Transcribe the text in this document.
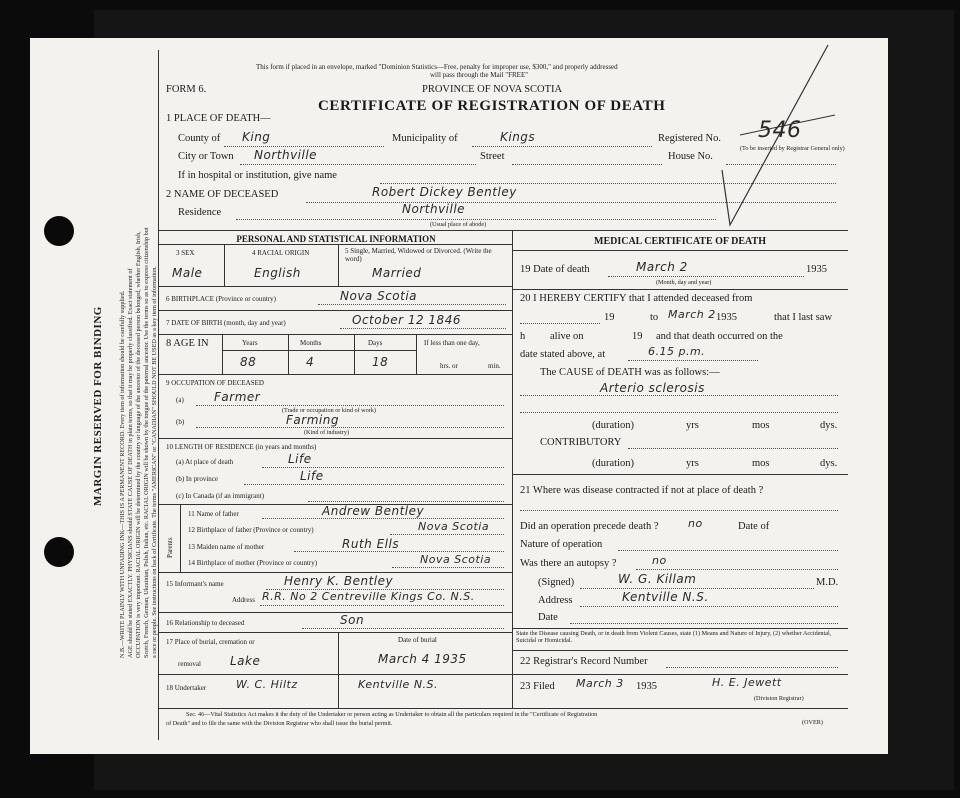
MARGIN RESERVED FOR BINDING N.B.—WRITE PLAINLY WITH UNFADING INK—THIS IS A PERMANENT RECORD. Every item of information should be carefully supplied. AGE should be stated EXACTLY. PHYSICIANS should STATE CAUSE OF DEATH in plain terms, so that it may be properly classified. Exact statement of OCCUPATION is very important. RACIAL ORIGIN will be determined by the country or language of the ancestor of the deceased person belonged, whether English, Irish, Scotch, French, German, Ukrainian, Polish, Italian, etc. RACIAL ORIGIN will be shown by the tongue of the paternal ancestor. Use the terms so as to express citizenship but a race or people. See instructions on back of Certificate. The terms "AMERICAN" or "CANADIAN" SHOULD NOT BE USED as a key item of information.
This form if placed in an envelope, marked "Dominion Statistics—Free, penalty for improper use, $300," and properly addressed
will pass through the Mail "FREE"
FORM 6.	PROVINCE OF NOVA SCOTIA
CERTIFICATE OF REGISTRATION OF DEATH
546
1 PLACE OF DEATH—
County of King	Municipality of	Kings	Registered No.
(To be inserted by Registrar General only)
City or Town Northville	Street	House No.
If in hospital or institution, give name
2 NAME OF DECEASED	Robert Dickey Bentley
Residence	Northville
(Usual place of abode)
PERSONAL AND STATISTICAL INFORMATION
3 SEX	4 RACIAL ORIGIN	5 Single, Married, Widowed or Divorced. (Write the word)
Male	English	Married
6 BIRTHPLACE (Province or country)	Nova Scotia
7 DATE OF BIRTH (month, day and year)	October 12 1846
8 AGE IN	Years	Months	Days
88	4	18
If less than one day,
hrs. or	min.
9 OCCUPATION OF DECEASED
(a)	Farmer
(Trade or occupation or kind of work)
(b)	Farming
(Kind of industry)
10 LENGTH OF RESIDENCE (in years and months)
(a) At place of death	Life
(b) In province	Life
(c) In Canada (if an immigrant)
Parents
11 Name of father	Andrew Bentley
12 Birthplace of father (Province or country)	Nova Scotia
13 Maiden name of mother	Ruth Ells
14 Birthplace of mother (Province or country)	Nova Scotia
15 Informant's name	Henry K. Bentley
Address R.R. No 2 Centreville Kings Co. N.S.
16 Relationship to deceased	Son
17 Place of burial, cremation or
removal Lake
Date of burial
March 4 1935
18 Undertaker	W. C. Hiltz	Kentville N.S.
MEDICAL CERTIFICATE OF DEATH
19 Date of death	March 2	1935
(Month, day and year)
20 I HEREBY CERTIFY that I attended deceased from
19	to March 2 1935	that I last saw
h alive on	19 and that death occurred on the
date stated above, at	6.15 p.m.
The CAUSE of DEATH was as follows:—
Arterio sclerosis
(duration)	yrs	mos	dys.
CONTRIBUTORY
(duration)	yrs	mos	dys.
21 Where was disease contracted if not at place of death ?
Did an operation precede death ?	no	Date of
Nature of operation
Was there an autopsy ?	no
(Signed)	W. G. Killam	M.D.
Address	Kentville N.S.
Date
State the Disease causing Death, or in death from Violent Causes, state (1) Means and Nature of Injury, (2) whether Accidental, Suicidal or Homicidal.
22 Registrar's Record Number
23 Filed March 3 1935	H. E. Jewett
(Division Registrar)
Sec. 46—Vital Statistics Act makes it the duty of the Undertaker or person acting as Undertaker to obtain all the particulars required in the "Certificate of Registration
of Death" and to file the same with the Division Registrar who shall issue the burial permit.	(OVER)
